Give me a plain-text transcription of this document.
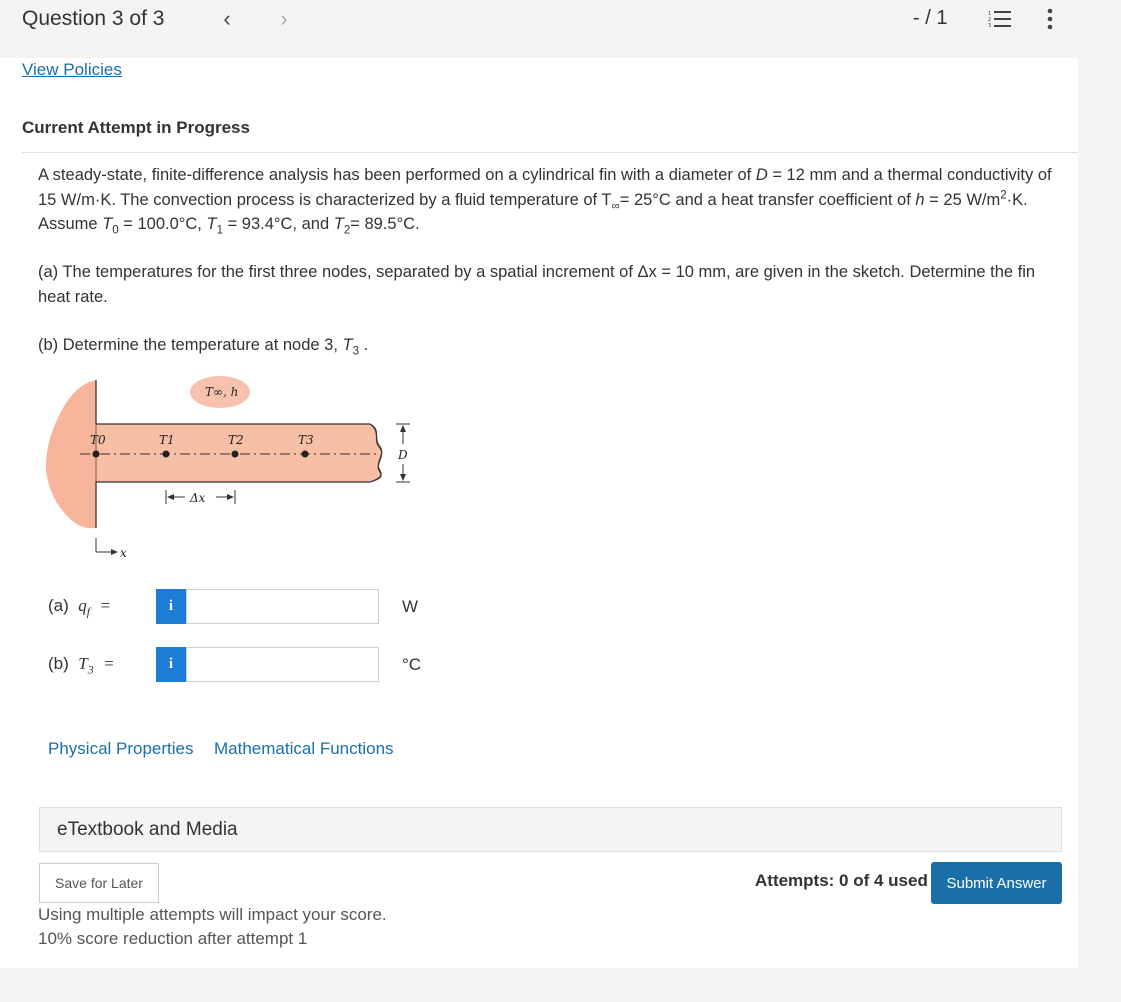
Question 3 of 3	‹	›	- / 1	1
2
3
View Policies
Current Attempt in Progress
A steady-state, finite-difference analysis has been performed on a cylindrical fin with a diameter of D = 12 mm and a thermal conductivity of 15 W/m·K. The convection process is characterized by a fluid temperature of $T_\infty= 25^\circ C$ and a heat transfer coefficient of h = 25 $W/m^2\cdot K$. Assume $T_0 = 100.0^\circ C$, $T_1 = 93.4^\circ C$, and $T_2= 89.5^\circ C$.
(a) The temperatures for the first three nodes, separated by a spatial increment of Δx = 10 mm, are given in the sketch. Determine the fin heat rate.
(b) Determine the temperature at node 3, $T_3$ .
T∞, h
T0	T1	T2	T3
Δx
D
x
(a) $q_f$ =	i	W
(b) $T_3$ =	i	°C
Physical Properties Mathematical Functions
eTextbook and Media
Save for Later	Attempts: 0 of 4 used	Submit Answer
Using multiple attempts will impact your score.
10% score reduction after attempt 1
